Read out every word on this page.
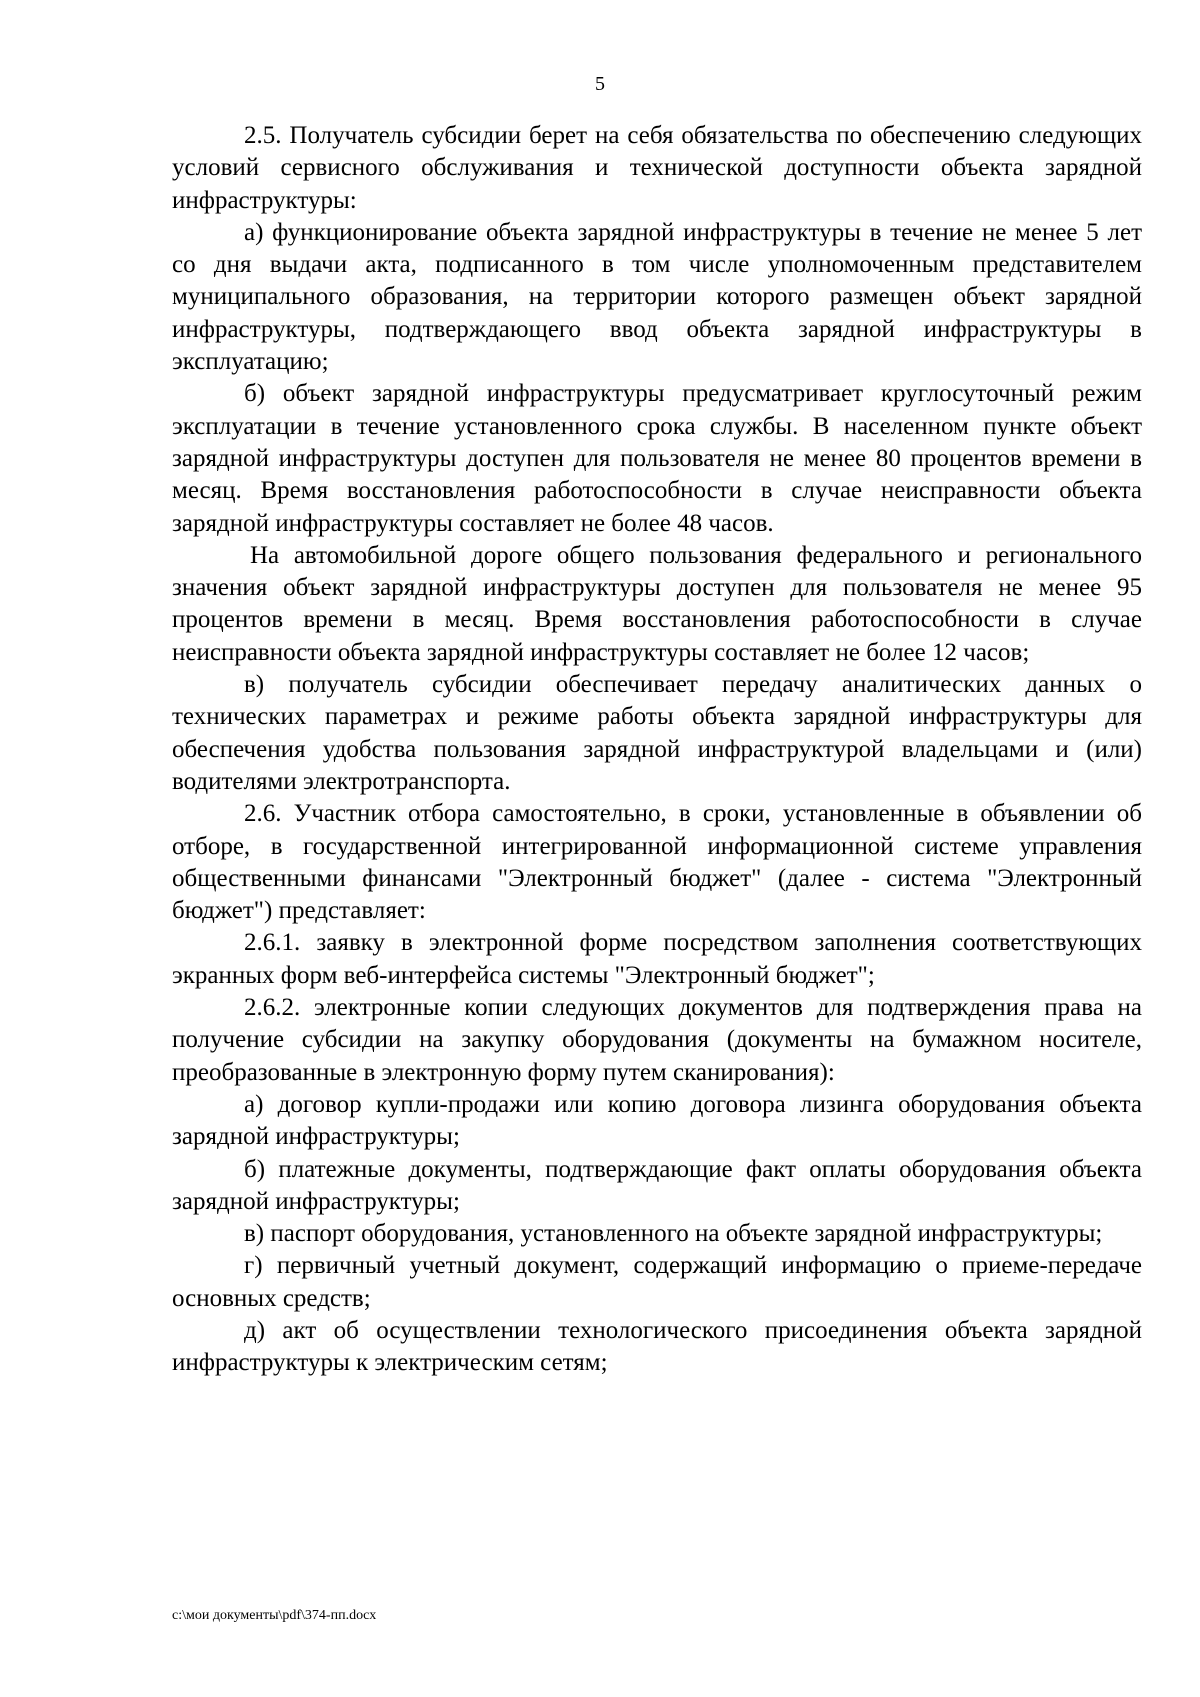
5

2.5. Получатель субсидии берет на себя обязательства по обеспечению следующих условий сервисного обслуживания и технической доступности объекта зарядной инфраструктуры:

а) функционирование объекта зарядной инфраструктуры в течение не менее 5 лет со дня выдачи акта, подписанного в том числе уполномоченным представителем муниципального образования, на территории которого размещен объект зарядной инфраструктуры, подтверждающего ввод объекта зарядной инфраструктуры в эксплуатацию;

б) объект зарядной инфраструктуры предусматривает круглосуточный режим эксплуатации в течение установленного срока службы. В населенном пункте объект зарядной инфраструктуры доступен для пользователя не менее 80 процентов времени в месяц. Время восстановления работоспособности в случае неисправности объекта зарядной инфраструктуры составляет не более 48 часов.

На автомобильной дороге общего пользования федерального и регионального значения объект зарядной инфраструктуры доступен для пользователя не менее 95 процентов времени в месяц. Время восстановления работоспособности в случае неисправности объекта зарядной инфраструктуры составляет не более 12 часов;

в) получатель субсидии обеспечивает передачу аналитических данных о технических параметрах и режиме работы объекта зарядной инфраструктуры для обеспечения удобства пользования зарядной инфраструктурой владельцами и (или) водителями электротранспорта.

2.6. Участник отбора самостоятельно, в сроки, установленные в объявлении об отборе, в государственной интегрированной информационной системе управления общественными финансами "Электронный бюджет" (далее - система "Электронный бюджет") представляет:

2.6.1. заявку в электронной форме посредством заполнения соответствующих экранных форм веб-интерфейса системы "Электронный бюджет";

2.6.2. электронные копии следующих документов для подтверждения права на получение субсидии на закупку оборудования (документы на бумажном носителе, преобразованные в электронную форму путем сканирования):

а) договор купли-продажи или копию договора лизинга оборудования объекта зарядной инфраструктуры;

б) платежные документы, подтверждающие факт оплаты оборудования объекта зарядной инфраструктуры;

в) паспорт оборудования, установленного на объекте зарядной инфраструктуры;

г) первичный учетный документ, содержащий информацию о приеме-передаче основных средств;

д) акт об осуществлении технологического присоединения объекта зарядной инфраструктуры к электрическим сетям;

c:\мои документы\pdf\374-пп.docx
